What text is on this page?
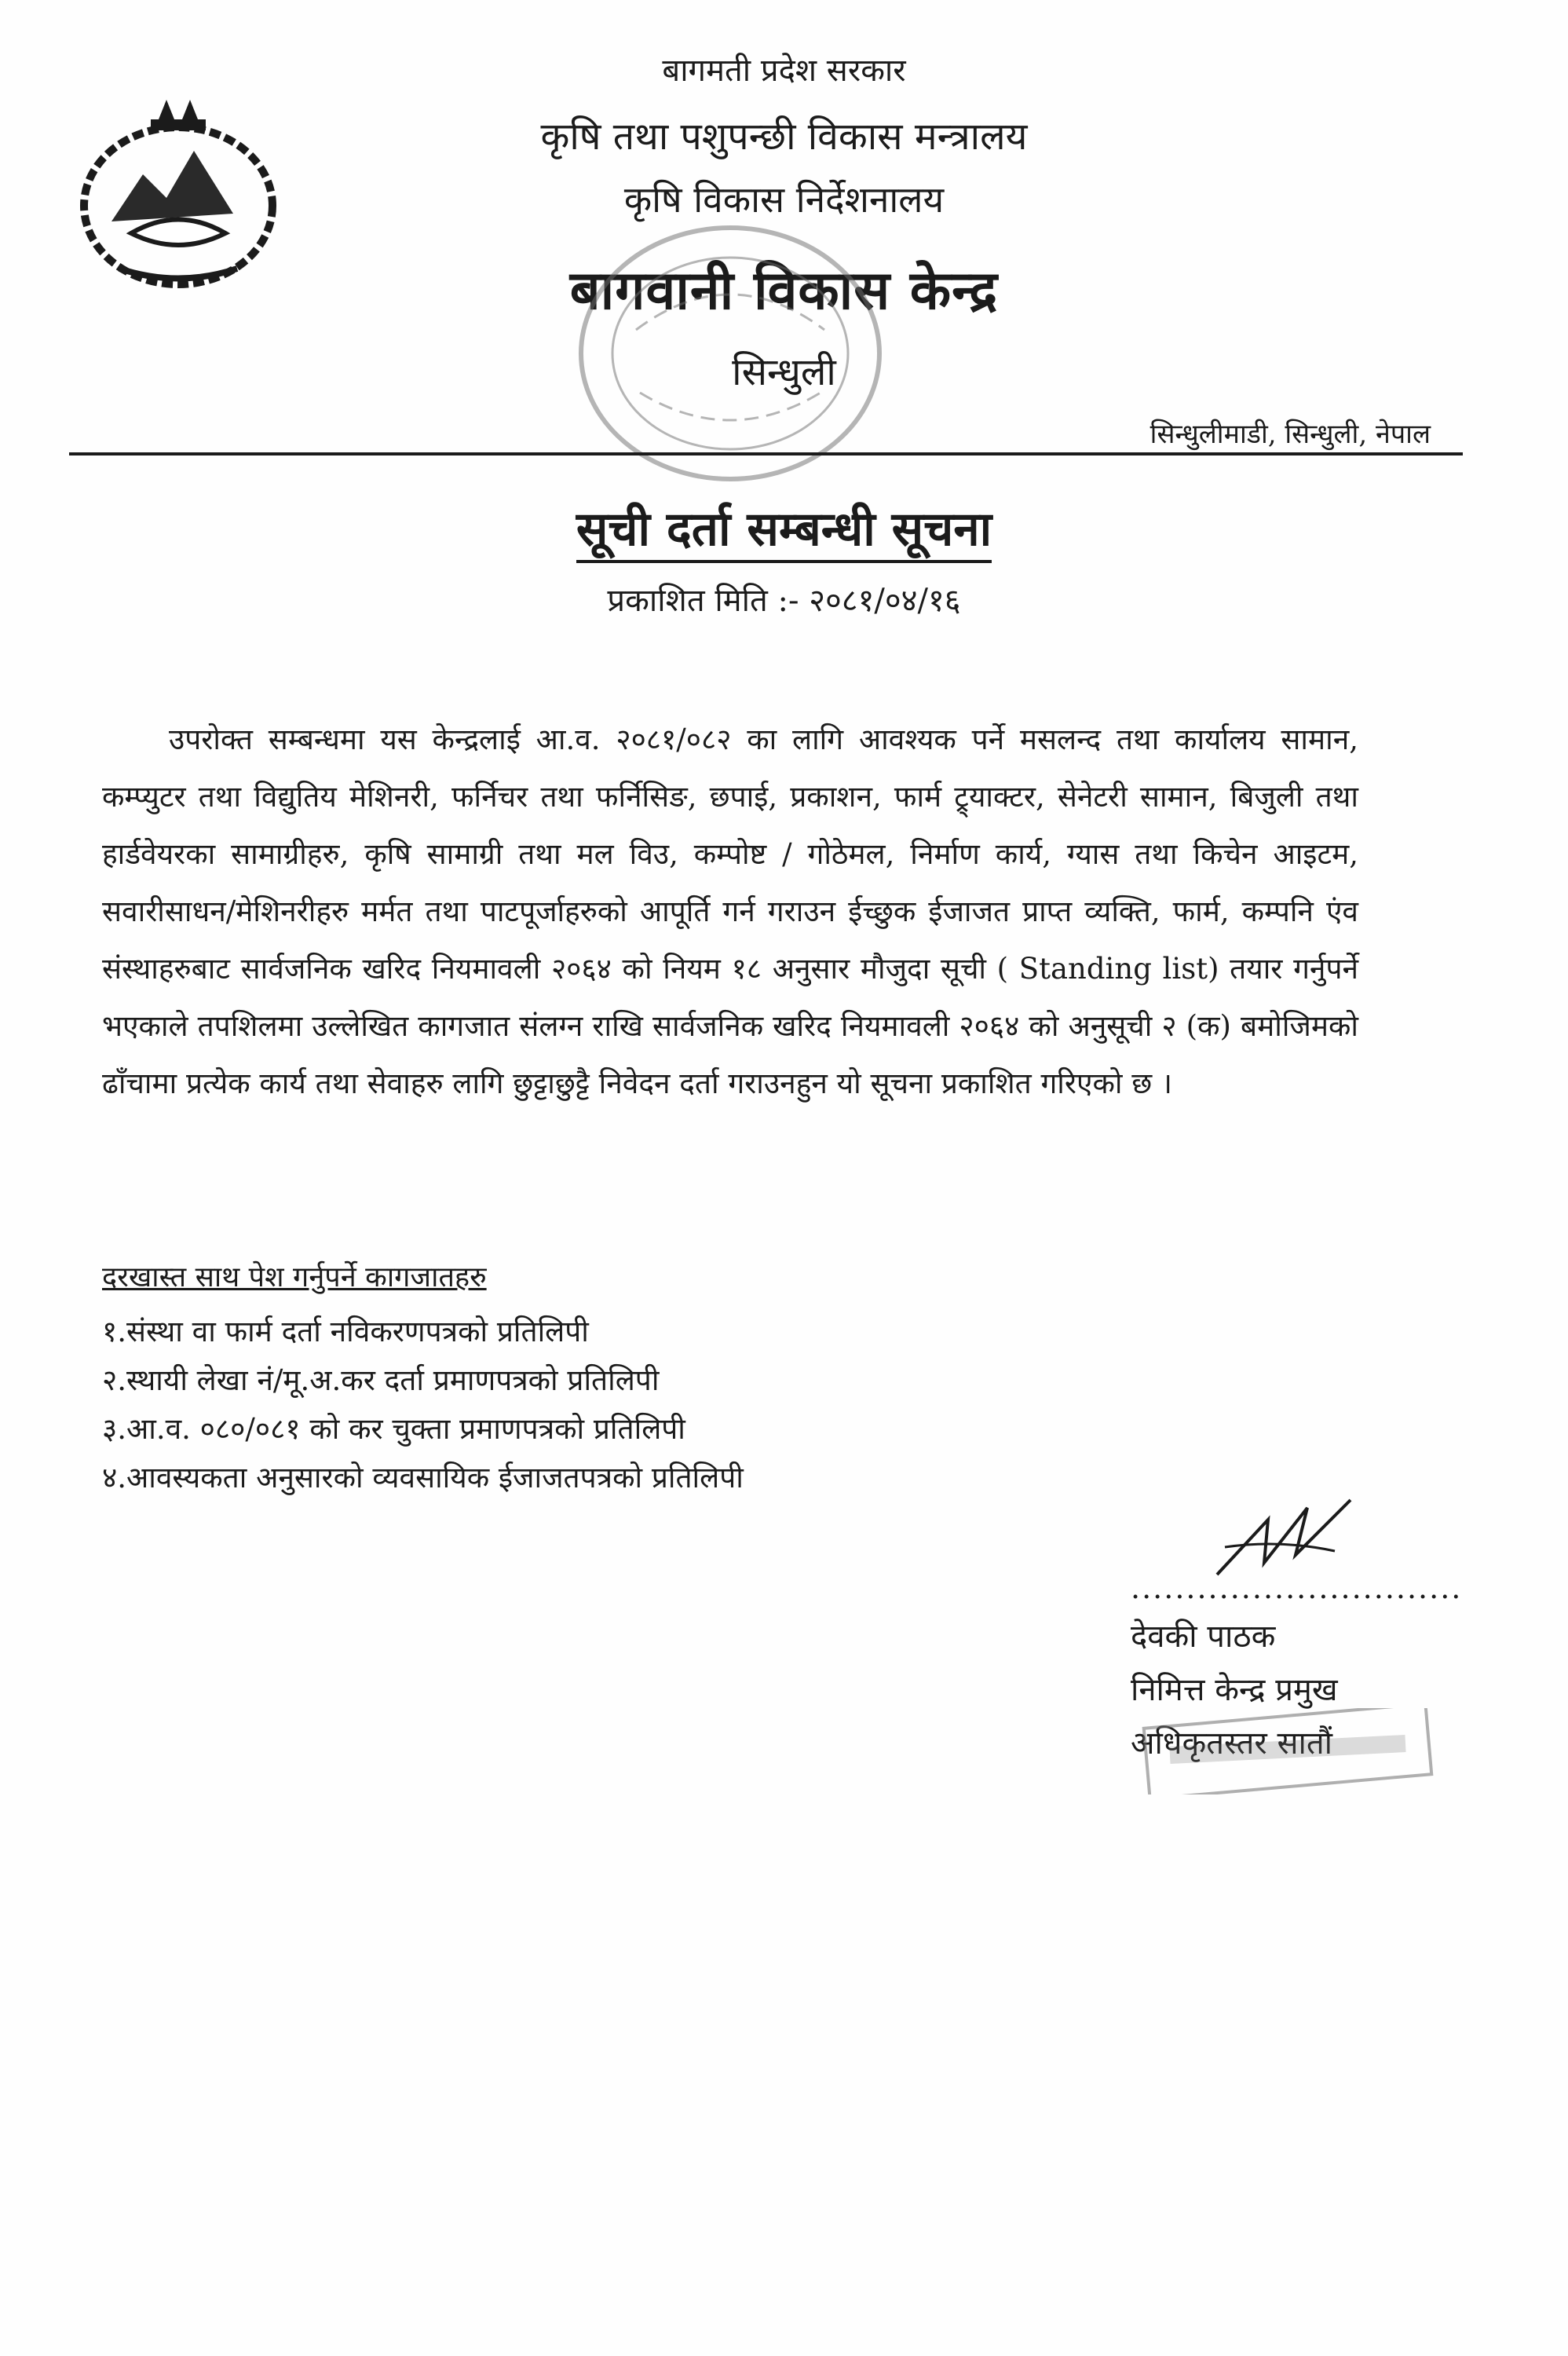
बागमती प्रदेश सरकार
कृषि तथा पशुपन्छी विकास मन्त्रालय
कृषि विकास निर्देशनालय
बागवानी विकास केन्द्र
सिन्धुली
सिन्धुलीमाडी, सिन्धुली, नेपाल
सूची दर्ता सम्बन्धी सूचना
प्रकाशित मिति :- २०८१/०४/१६
उपरोक्त सम्बन्धमा यस केन्द्रलाई आ.व. २०८१/०८२ का लागि आवश्यक पर्ने मसलन्द तथा कार्यालय सामान, कम्प्युटर तथा विद्युतिय मेशिनरी, फर्निचर तथा फर्निसिङ, छपाई, प्रकाशन, फार्म ट्र्याक्टर, सेनेटरी सामान, बिजुली तथा हार्डवेयरका सामाग्रीहरु, कृषि सामाग्री तथा मल विउ, कम्पोष्ट / गोठेमल, निर्माण कार्य, ग्यास तथा किचेन आइटम, सवारीसाधन/मेशिनरीहरु मर्मत तथा पाटपूर्जाहरुको आपूर्ति गर्न गराउन ईच्छुक ईजाजत प्राप्त व्यक्ति, फार्म, कम्पनि एंव संस्थाहरुबाट सार्वजनिक खरिद नियमावली २०६४ को नियम १८ अनुसार मौजुदा सूची ( Standing list) तयार गर्नुपर्ने भएकाले तपशिलमा उल्लेखित कागजात संलग्न राखि सार्वजनिक खरिद नियमावली २०६४ को अनुसूची २ (क) बमोजिमको ढाँचामा प्रत्येक कार्य तथा सेवाहरु लागि छुट्टाछुट्टै निवेदन दर्ता गराउनहुन यो सूचना प्रकाशित गरिएको छ ।
दरखास्त साथ पेश गर्नुपर्ने कागजातहरु
१.संस्था वा फार्म दर्ता नविकरणपत्रको प्रतिलिपी
२.स्थायी लेखा नं/मू.अ.कर दर्ता प्रमाणपत्रको प्रतिलिपी
३.आ.व. ०८०/०८१ को कर चुक्ता प्रमाणपत्रको प्रतिलिपी
४.आवस्यकता अनुसारको व्यवसायिक ईजाजतपत्रको प्रतिलिपी
..............................
देवकी पाठक
निमित्त केन्द्र प्रमुख
अधिकृतस्तर सातौं
